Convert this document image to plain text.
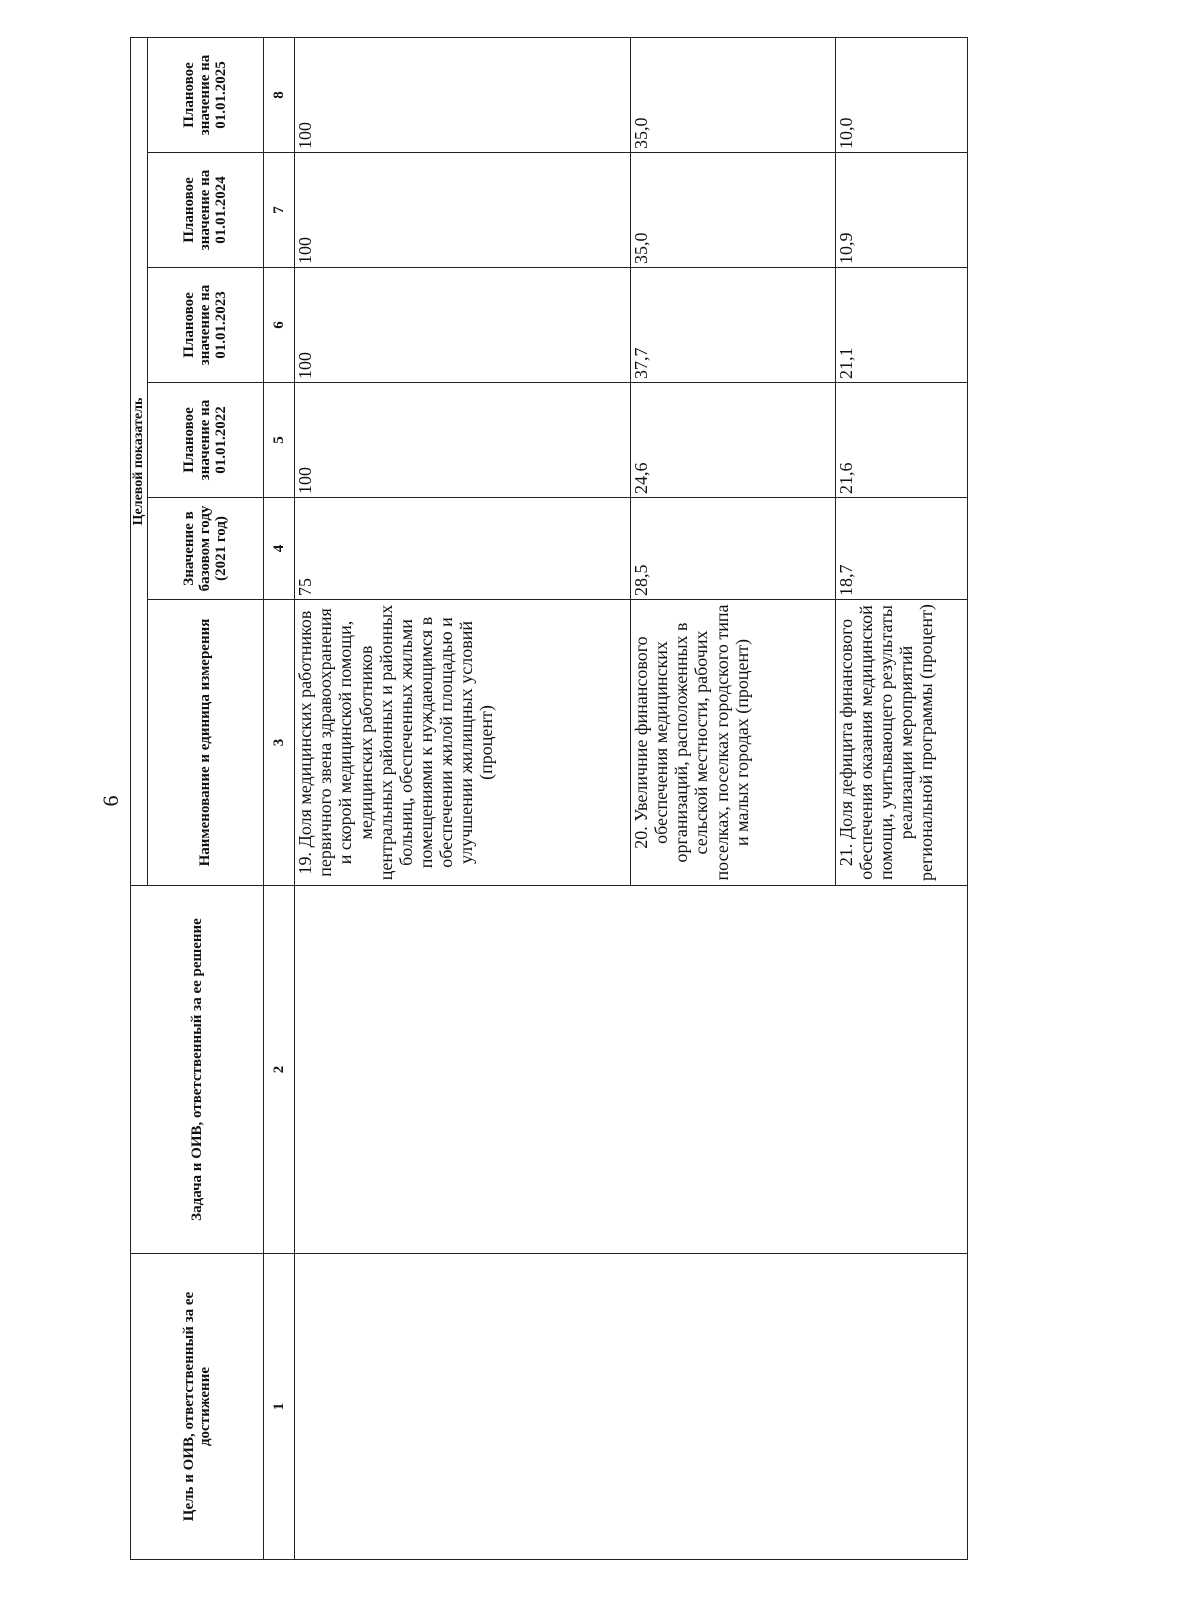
6
Цель и ОИВ, ответственный за ее достижение	Задача и ОИВ, ответственный за ее решение	Целевой показатель					
		Наименование и единица измерения	Значение в базовом году (2021 год)	Плановое значение на 01.01.2022	Плановое значение на 01.01.2023	Плановое значение на 01.01.2024	Плановое значение на 01.01.2025
1	2	3	4	5	6	7	8
		19. Доля медицинских работников первичного звена здравоохранения и скорой медицинской помощи, медицинских работников центральных районных и районных больниц, обеспеченных жильми помещениями к нуждающимся в обеспечении жилой площадью и улучшении жилищных условий (процент)	75	100	100	100	100
		20. Увеличние финансового обеспечения медицинских организаций, расположенных в сельской местности, рабочих поселках, поселках городского типа и малых городах (процент)	28,5	24,6	37,7	35,0	35,0
		21. Доля дефицита финансового обеспечения оказания медицинской помощи, учитывающего результаты реализации мероприятий региональной программы (процент)	18,7	21,6	21,1	10,9	10,0
